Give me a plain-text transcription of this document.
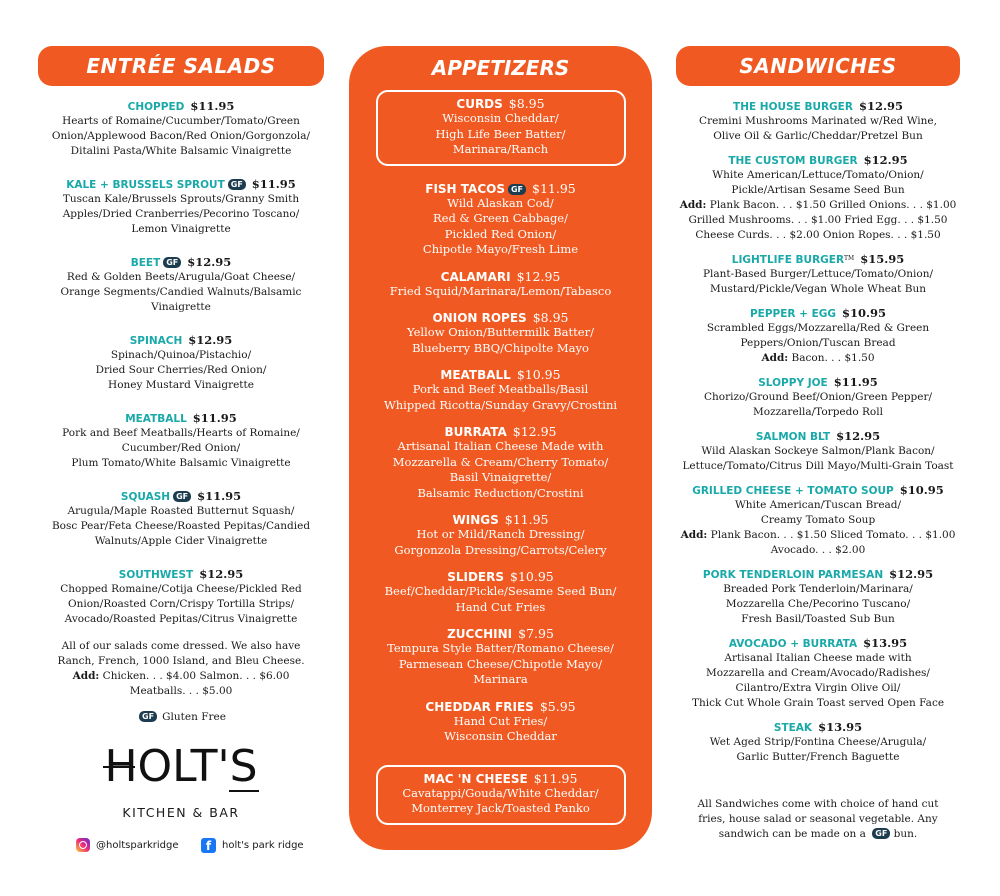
ENTRÉE SALADS
CHOPPED $11.95
Hearts of Romaine/Cucumber/Tomato/Green
Onion/Applewood Bacon/Red Onion/Gorgonzola/
Ditalini Pasta/White Balsamic Vinaigrette
KALE + BRUSSELS SPROUT GF $11.95
Tuscan Kale/Brussels Sprouts/Granny Smith
Apples/Dried Cranberries/Pecorino Toscano/
Lemon Vinaigrette
BEET GF $12.95
Red & Golden Beets/Arugula/Goat Cheese/
Orange Segments/Candied Walnuts/Balsamic
Vinaigrette
SPINACH $12.95
Spinach/Quinoa/Pistachio/
Dried Sour Cherries/Red Onion/
Honey Mustard Vinaigrette
MEATBALL $11.95
Pork and Beef Meatballs/Hearts of Romaine/
Cucumber/Red Onion/
Plum Tomato/White Balsamic Vinaigrette
SQUASH GF $11.95
Arugula/Maple Roasted Butternut Squash/
Bosc Pear/Feta Cheese/Roasted Pepitas/Candied
Walnuts/Apple Cider Vinaigrette
SOUTHWEST $12.95
Chopped Romaine/Cotija Cheese/Pickled Red
Onion/Roasted Corn/Crispy Tortilla Strips/
Avocado/Roasted Pepitas/Citrus Vinaigrette
All of our salads come dressed. We also have
Ranch, French, 1000 Island, and Bleu Cheese.
Add: Chicken. . . $4.00 Salmon. . . $6.00
Meatballs. . . $5.00
GF Gluten Free
HOLT'S
KITCHEN & BAR
@holtsparkridge	f	holt's park ridge
APPETIZERS
CURDS $8.95
Wisconsin Cheddar/
High Life Beer Batter/
Marinara/Ranch
FISH TACOS GF $11.95
Wild Alaskan Cod/
Red & Green Cabbage/
Pickled Red Onion/
Chipotle Mayo/Fresh Lime
CALAMARI $12.95
Fried Squid/Marinara/Lemon/Tabasco
ONION ROPES $8.95
Yellow Onion/Buttermilk Batter/
Blueberry BBQ/Chipolte Mayo
MEATBALL $10.95
Pork and Beef Meatballs/Basil
Whipped Ricotta/Sunday Gravy/Crostini
BURRATA $12.95
Artisanal Italian Cheese Made with
Mozzarella & Cream/Cherry Tomato/
Basil Vinaigrette/
Balsamic Reduction/Crostini
WINGS $11.95
Hot or Mild/Ranch Dressing/
Gorgonzola Dressing/Carrots/Celery
SLIDERS $10.95
Beef/Cheddar/Pickle/Sesame Seed Bun/
Hand Cut Fries
ZUCCHINI $7.95
Tempura Style Batter/Romano Cheese/
Parmesean Cheese/Chipotle Mayo/
Marinara
CHEDDAR FRIES $5.95
Hand Cut Fries/
Wisconsin Cheddar
MAC 'N CHEESE $11.95
Cavatappi/Gouda/White Cheddar/
Monterrey Jack/Toasted Panko
SANDWICHES
THE HOUSE BURGER $12.95
Cremini Mushrooms Marinated w/Red Wine,
Olive Oil & Garlic/Cheddar/Pretzel Bun
THE CUSTOM BURGER $12.95
White American/Lettuce/Tomato/Onion/
Pickle/Artisan Sesame Seed Bun
Add: Plank Bacon. . . $1.50 Grilled Onions. . . $1.00
Grilled Mushrooms. . . $1.00 Fried Egg. . . $1.50
Cheese Curds. . . $2.00 Onion Ropes. . . $1.50
LIGHTLIFE BURGER™ $15.95
Plant-Based Burger/Lettuce/Tomato/Onion/
Mustard/Pickle/Vegan Whole Wheat Bun
PEPPER + EGG $10.95
Scrambled Eggs/Mozzarella/Red & Green
Peppers/Onion/Tuscan Bread
Add: Bacon. . . $1.50
SLOPPY JOE $11.95
Chorizo/Ground Beef/Onion/Green Pepper/
Mozzarella/Torpedo Roll
SALMON BLT $12.95
Wild Alaskan Sockeye Salmon/Plank Bacon/
Lettuce/Tomato/Citrus Dill Mayo/Multi-Grain Toast
GRILLED CHEESE + TOMATO SOUP $10.95
White American/Tuscan Bread/
Creamy Tomato Soup
Add: Plank Bacon. . . $1.50 Sliced Tomato. . . $1.00
Avocado. . . $2.00
PORK TENDERLOIN PARMESAN $12.95
Breaded Pork Tenderloin/Marinara/
Mozzarella Che/Pecorino Tuscano/
Fresh Basil/Toasted Sub Bun
AVOCADO + BURRATA $13.95
Artisanal Italian Cheese made with
Mozzarella and Cream/Avocado/Radishes/
Cilantro/Extra Virgin Olive Oil/
Thick Cut Whole Grain Toast served Open Face
STEAK $13.95
Wet Aged Strip/Fontina Cheese/Arugula/
Garlic Butter/French Baguette
All Sandwiches come with choice of hand cut
fries, house salad or seasonal vegetable. Any
sandwich can be made on a GF bun.
